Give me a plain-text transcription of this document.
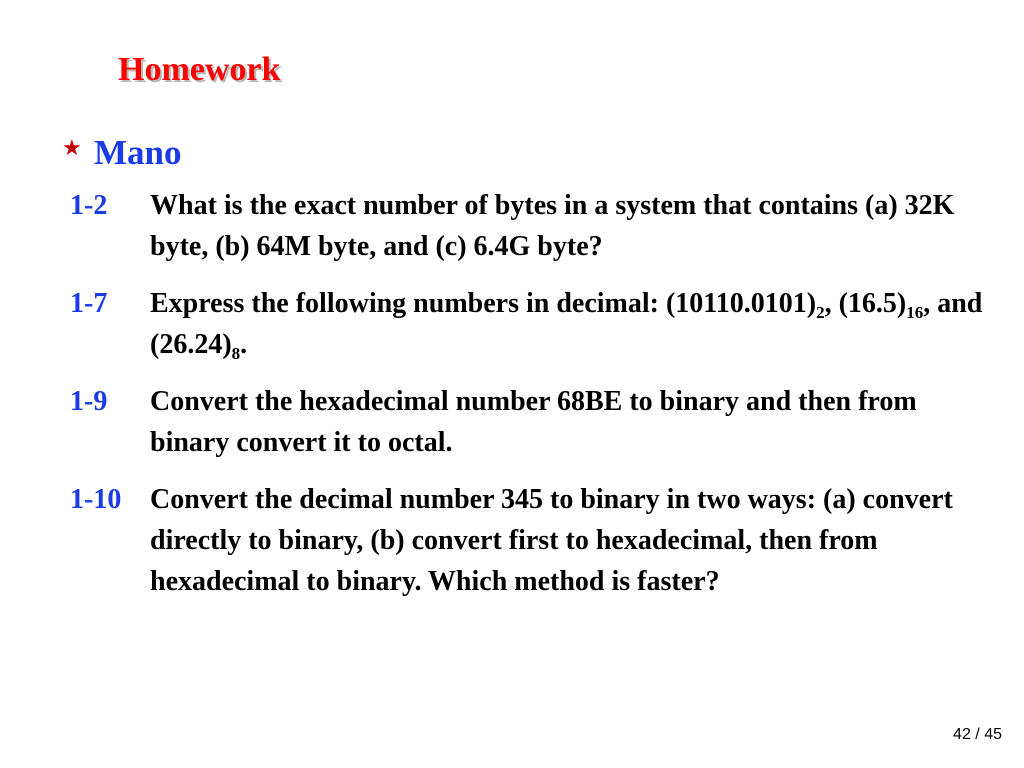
Homework
★ Mano
1-2	What is the exact number of bytes in a system that contains (a) 32K byte, (b) 64M byte, and (c) 6.4G byte?
1-7	Express the following numbers in decimal: $(10110.0101)_2$, $(16.5)_{16}$, and $(26.24)_8$.
1-9	Convert the hexadecimal number 68BE to binary and then from binary convert it to octal.
1-10	Convert the decimal number 345 to binary in two ways: (a) convert directly to binary, (b) convert first to hexadecimal, then from hexadecimal to binary. Which method is faster?
42 / 45
